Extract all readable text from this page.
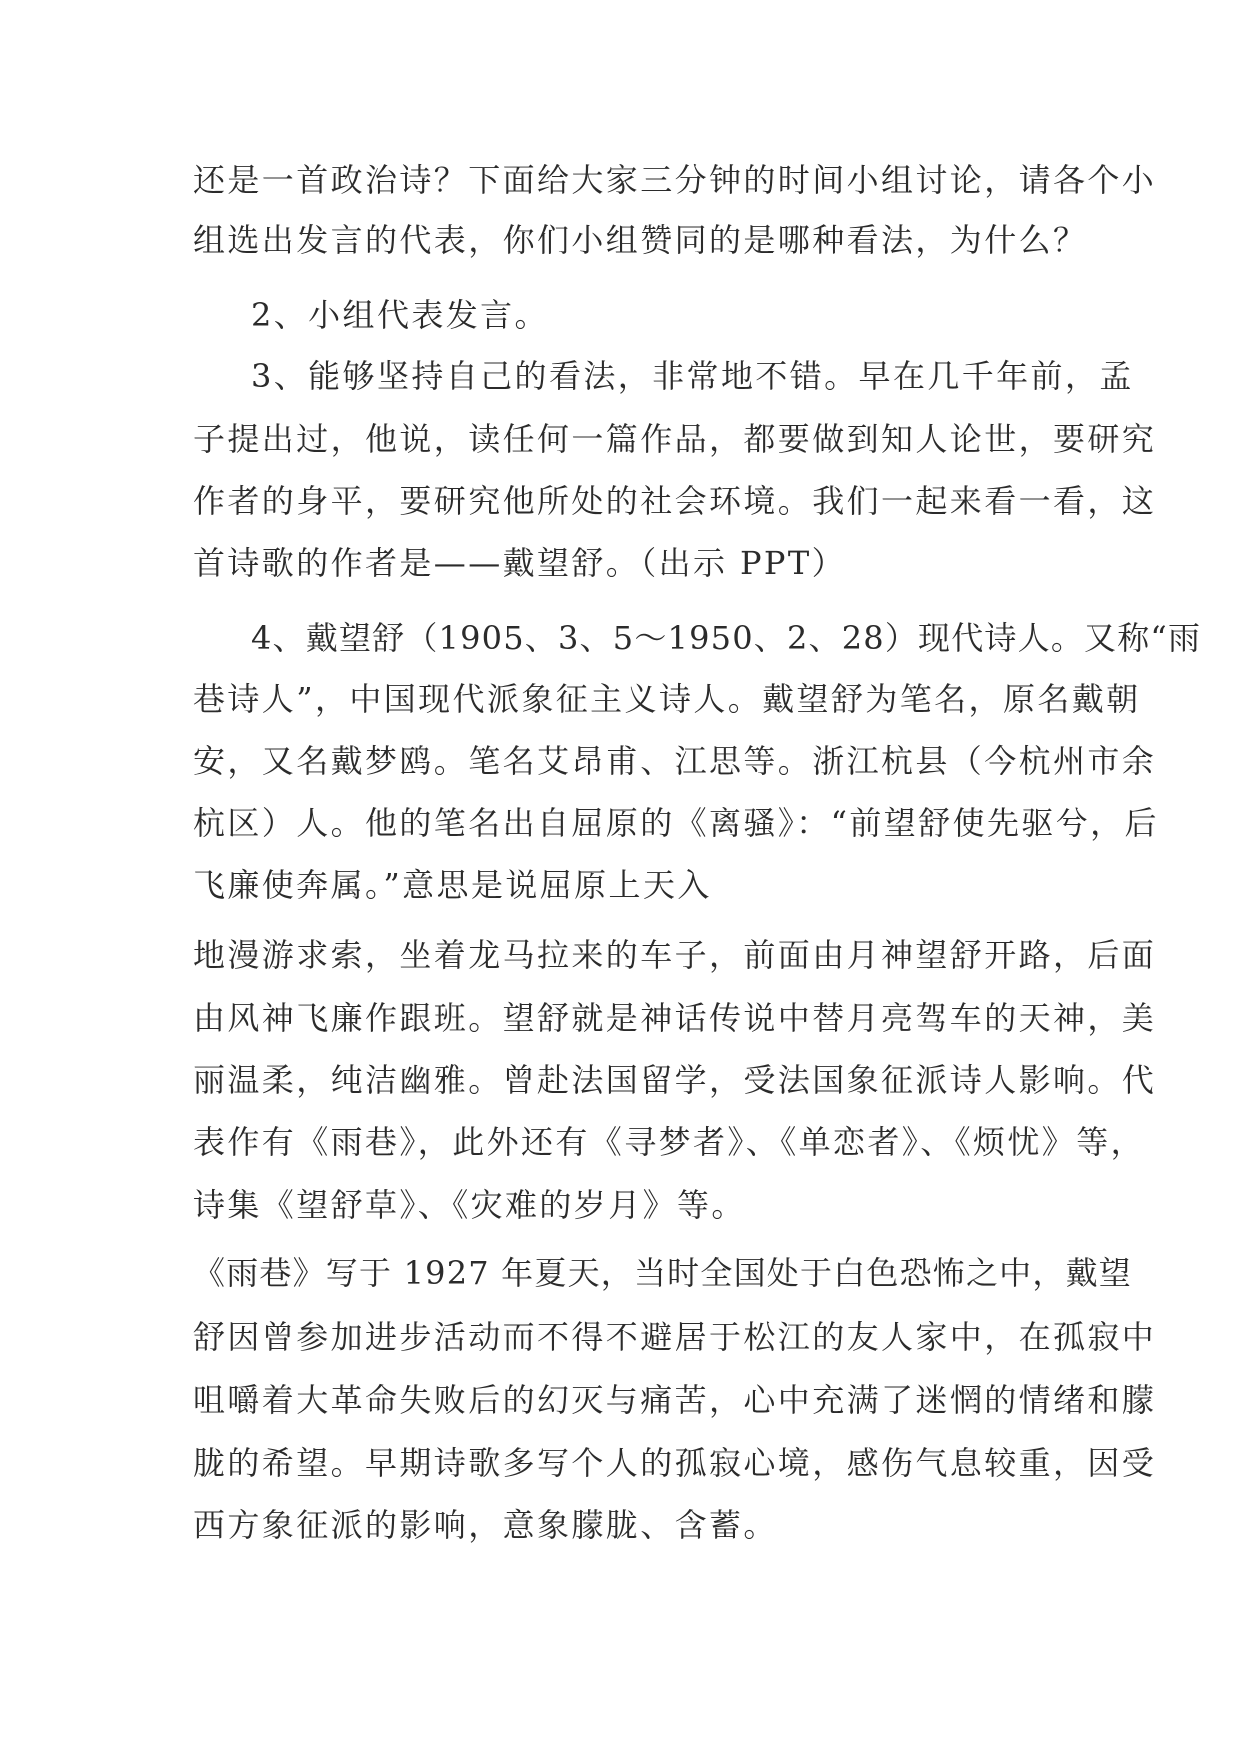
还是一首政治诗？下面给大家三分钟的时间小组讨论，请各个小
组选出发言的代表，你们小组赞同的是哪种看法，为什么？
2、小组代表发言。
3、能够坚持自己的看法，非常地不错。早在几千年前，孟
子提出过，他说，读任何一篇作品，都要做到知人论世，要研究
作者的身平，要研究他所处的社会环境。我们一起来看一看，这
首诗歌的作者是——戴望舒。（出示 PPT）
4、戴望舒（1905、3、5～1950、2、28）现代诗人。又称“雨
巷诗人”，中国现代派象征主义诗人。戴望舒为笔名，原名戴朝
安，又名戴梦鸥。笔名艾昂甫、江思等。浙江杭县（今杭州市余
杭区）人。他的笔名出自屈原的《离骚》：“前望舒使先驱兮，后
飞廉使奔属。”意思是说屈原上天入
地漫游求索，坐着龙马拉来的车子，前面由月神望舒开路，后面
由风神飞廉作跟班。望舒就是神话传说中替月亮驾车的天神，美
丽温柔，纯洁幽雅。曾赴法国留学，受法国象征派诗人影响。代
表作有《雨巷》，此外还有《寻梦者》、《单恋者》、《烦忧》等，
诗集《望舒草》、《灾难的岁月》等。
《雨巷》写于 1927 年夏天，当时全国处于白色恐怖之中，戴望
舒因曾参加进步活动而不得不避居于松江的友人家中，在孤寂中
咀嚼着大革命失败后的幻灭与痛苦，心中充满了迷惘的情绪和朦
胧的希望。早期诗歌多写个人的孤寂心境，感伤气息较重，因受
西方象征派的影响，意象朦胧、含蓄。
